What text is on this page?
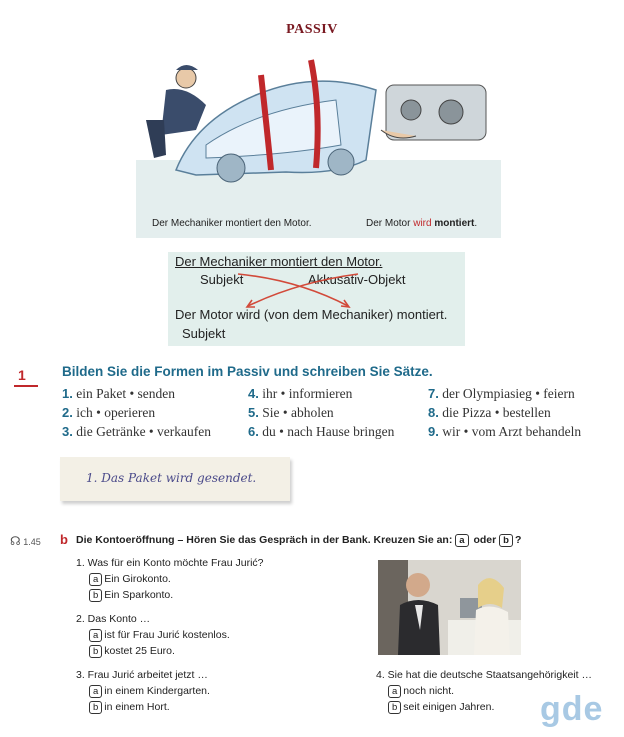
PASSIV
Der Mechaniker montiert den Motor.	Der Motor wird montiert.
Der Mechaniker montiert den Motor.
Subjekt	Akkusativ-Objekt
Der Motor wird (von dem Mechaniker) montiert.
Subjekt
1	Bilden Sie die Formen im Passiv und schreiben Sie Sätze.
1. ein Paket • senden
2. ich • operieren
3. die Getränke • verkaufen
4. ihr • informieren
5. Sie • abholen
6. du • nach Hause bringen
7. der Olympiasieg • feiern
8. die Pizza • bestellen
9. wir • vom Arzt behandeln
1. Das Paket wird gesendet.
☊ 1.45 b Die Kontoeröffnung – Hören Sie das Gespräch in der Bank. Kreuzen Sie an: a oder b ?
1. Was für ein Konto möchte Frau Jurić?
a Ein Girokonto.
b Ein Sparkonto.
2. Das Konto …
a ist für Frau Jurić kostenlos.
b kostet 25 Euro.
3. Frau Jurić arbeitet jetzt …
a in einem Kindergarten.
b in einem Hort.
4. Sie hat die deutsche Staatsangehörigkeit …
a noch nicht.
b seit einigen Jahren. gde
